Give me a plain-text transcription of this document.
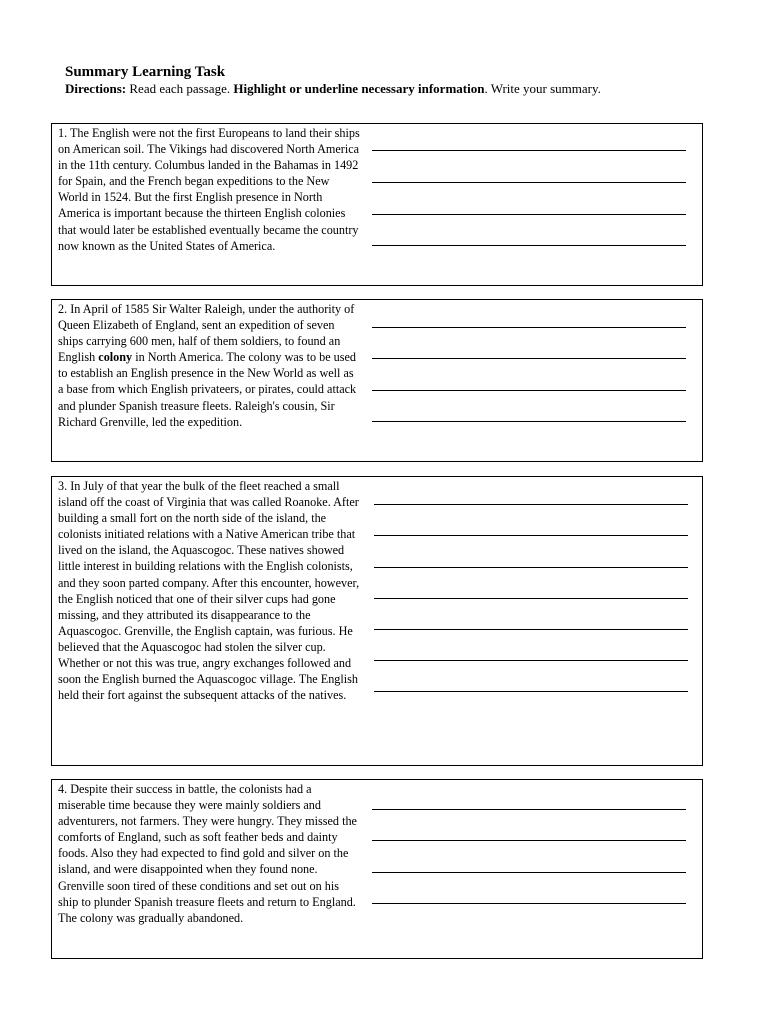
Summary Learning Task
Directions: Read each passage. Highlight or underline necessary information. Write your summary.
1. The English were not the first Europeans to land their ships on American soil. The Vikings had discovered North America in the 11th century. Columbus landed in the Bahamas in 1492 for Spain, and the French began expeditions to the New World in 1524. But the first English presence in North America is important because the thirteen English colonies that would later be established eventually became the country now known as the United States of America.
2. In April of 1585 Sir Walter Raleigh, under the authority of Queen Elizabeth of England, sent an expedition of seven ships carrying 600 men, half of them soldiers, to found an English colony in North America. The colony was to be used to establish an English presence in the New World as well as a base from which English privateers, or pirates, could attack and plunder Spanish treasure fleets. Raleigh's cousin, Sir Richard Grenville, led the expedition.
3. In July of that year the bulk of the fleet reached a small island off the coast of Virginia that was called Roanoke. After building a small fort on the north side of the island, the colonists initiated relations with a Native American tribe that lived on the island, the Aquascogoc. These natives showed little interest in building relations with the English colonists, and they soon parted company. After this encounter, however, the English noticed that one of their silver cups had gone missing, and they attributed its disappearance to the Aquascogoc. Grenville, the English captain, was furious. He believed that the Aquascogoc had stolen the silver cup. Whether or not this was true, angry exchanges followed and soon the English burned the Aquascogoc village. The English held their fort against the subsequent attacks of the natives.
4. Despite their success in battle, the colonists had a miserable time because they were mainly soldiers and adventurers, not farmers. They were hungry. They missed the comforts of England, such as soft feather beds and dainty foods. Also they had expected to find gold and silver on the island, and were disappointed when they found none. Grenville soon tired of these conditions and set out on his ship to plunder Spanish treasure fleets and return to England. The colony was gradually abandoned.
